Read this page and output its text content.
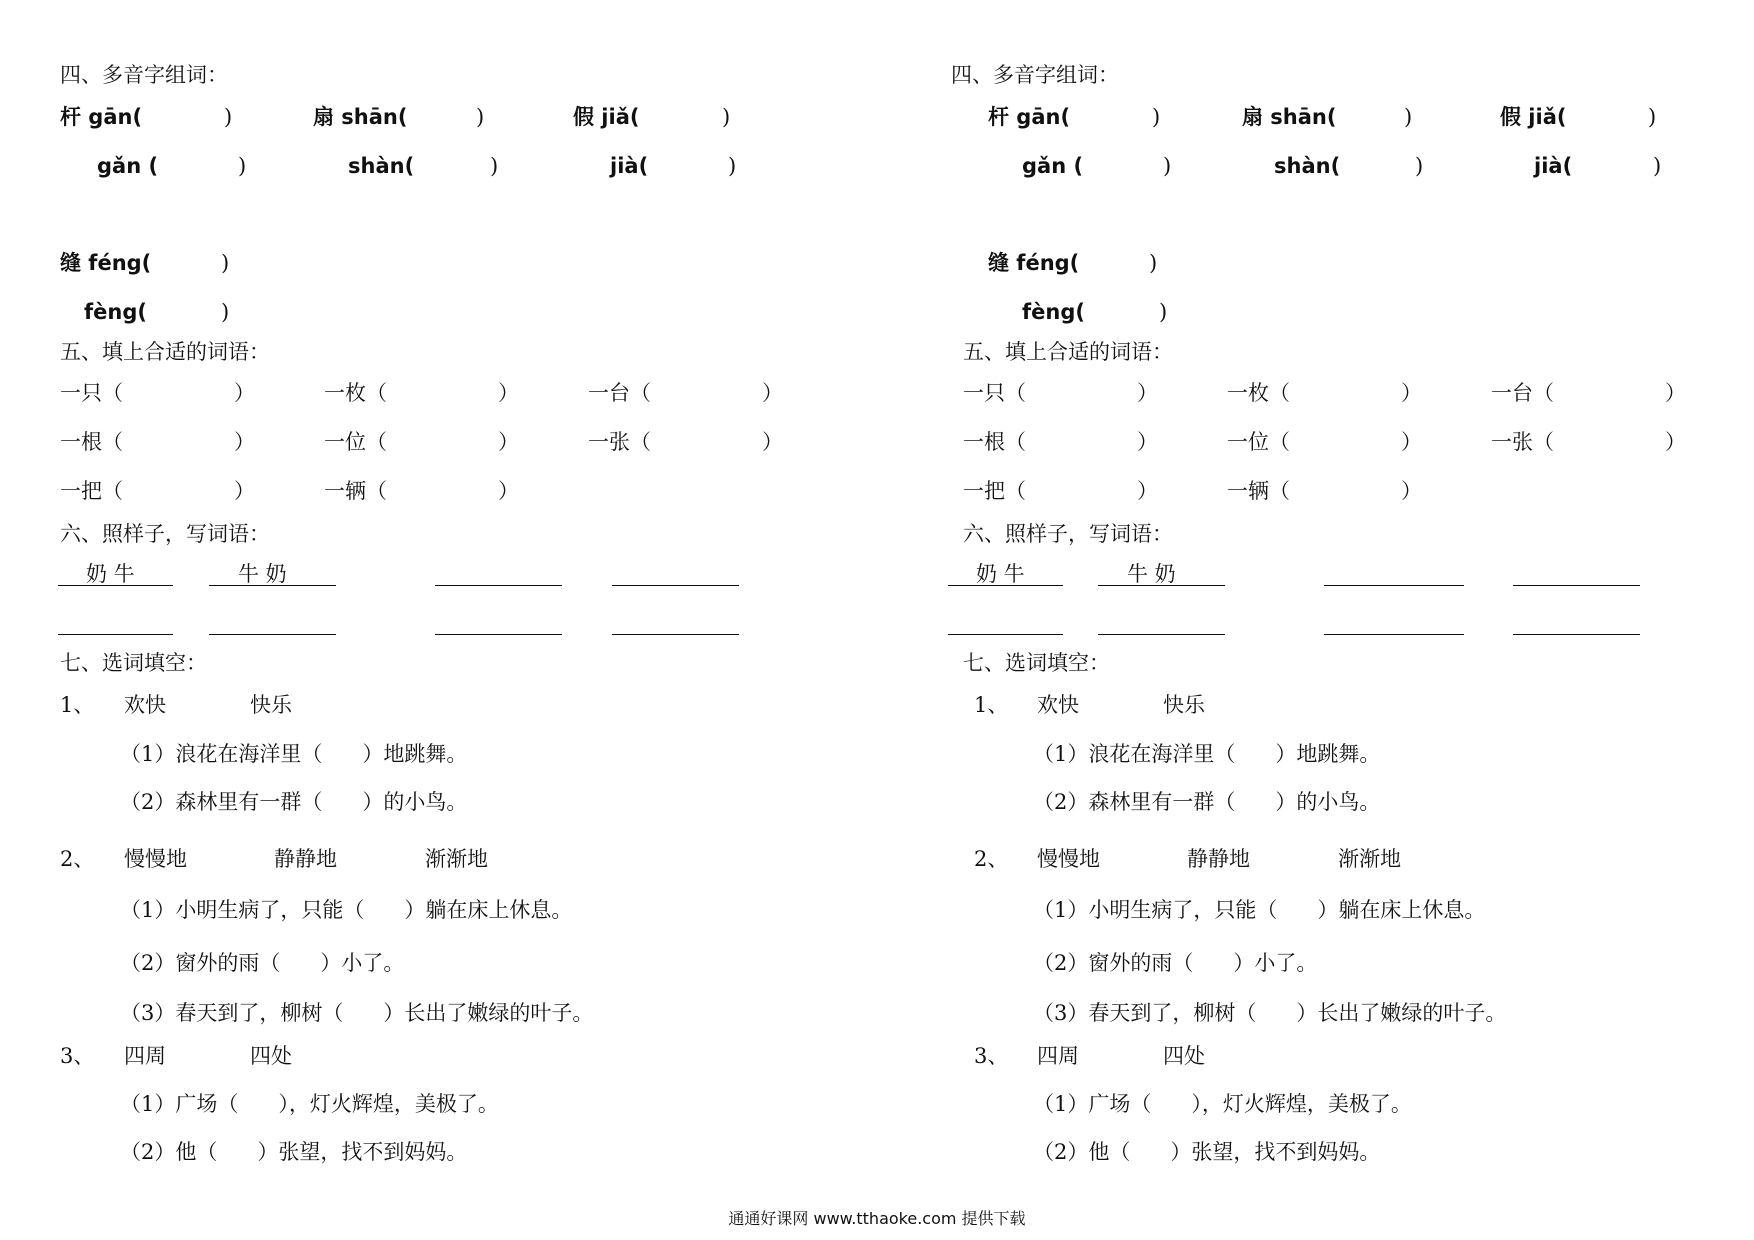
四、多音字组词：
杆 gān(	)	扇 shān(	)	假 jiǎ(	)
gǎn (	)	shàn(	)	jià(	)
缝 féng(	)
fèng(	)
五、填上合适的词语：
一只（	）	一枚（	）	一台（	）
一根（	）	一位（	）	一张（	）
一把（	）	一辆（	）
六、照样子，写词语：
奶 牛	牛 奶
七、选词填空：
1、 欢快	快乐
（1）浪花在海洋里（      ）地跳舞。
（2）森林里有一群（      ）的小鸟。
2、 慢慢地	静静地	渐渐地
（1）小明生病了，只能（      ）躺在床上休息。
（2）窗外的雨（      ）小了。
（3）春天到了，柳树（      ）长出了嫩绿的叶子。
3、 四周	四处
（1）广场（      ），灯火辉煌，美极了。
（2）他（      ）张望，找不到妈妈。
四、多音字组词：
杆 gān(	)	扇 shān(	)	假 jiǎ(	)
gǎn (	)	shàn(	)	jià(	)
缝 féng(	)
fèng(	)
五、填上合适的词语：
一只（	）	一枚（	）	一台（	）
一根（	）	一位（	）	一张（	）
一把（	）	一辆（	）
六、照样子，写词语：
奶 牛	牛 奶
七、选词填空：
1、 欢快	快乐
（1）浪花在海洋里（      ）地跳舞。
（2）森林里有一群（      ）的小鸟。
2、 慢慢地	静静地	渐渐地
（1）小明生病了，只能（      ）躺在床上休息。
（2）窗外的雨（      ）小了。
（3）春天到了，柳树（      ）长出了嫩绿的叶子。
3、 四周	四处
（1）广场（      ），灯火辉煌，美极了。
（2）他（      ）张望，找不到妈妈。
通通好课网 www.tthaoke.com 提供下载
